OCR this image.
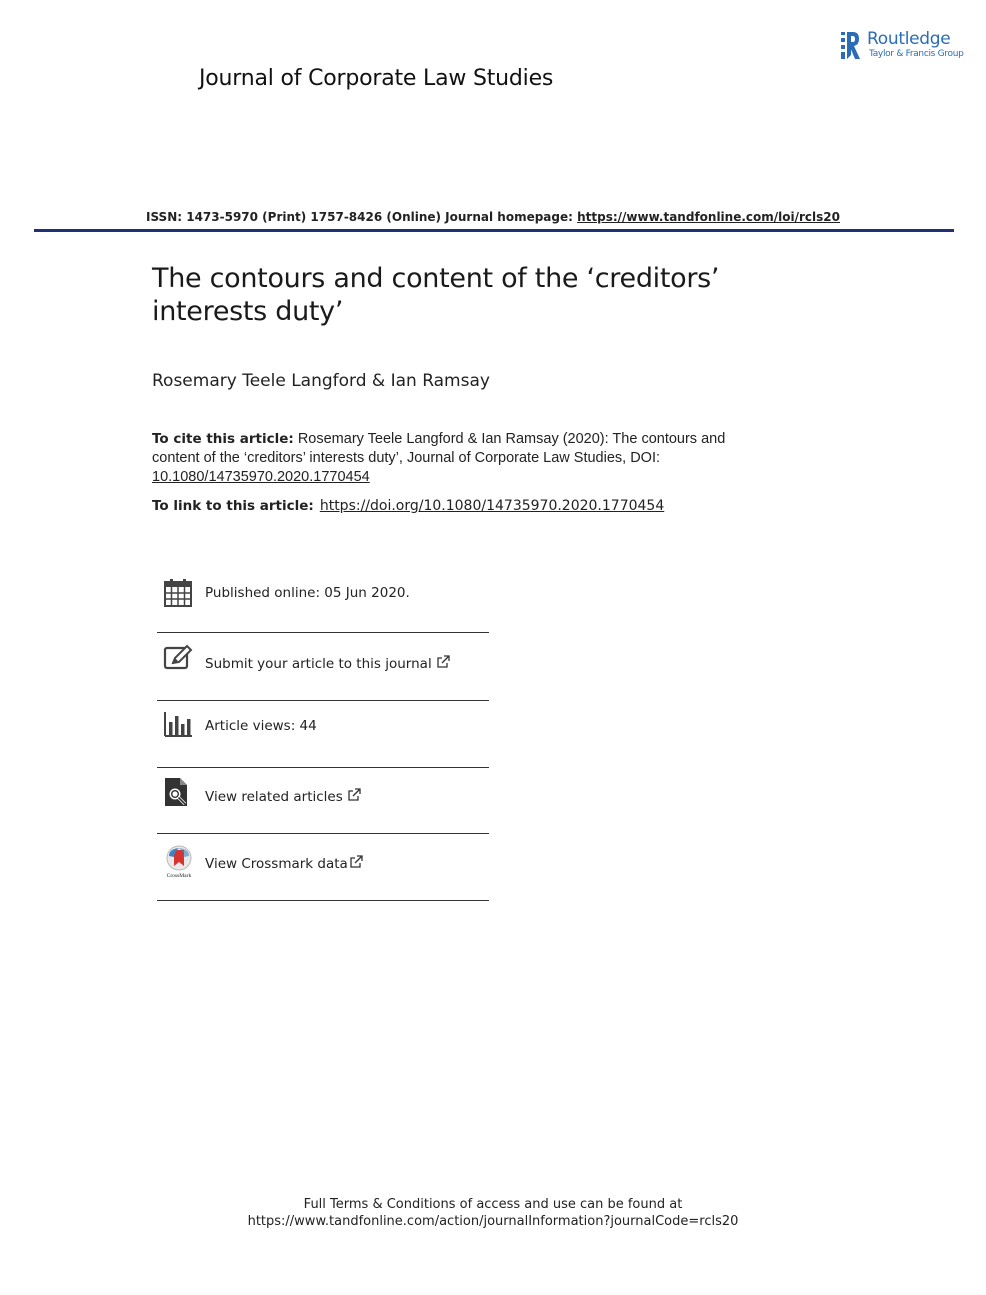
Routledge
Taylor & Francis Group
Journal of Corporate Law Studies
ISSN: 1473-5970 (Print) 1757-8426 (Online) Journal homepage: https://www.tandfonline.com/loi/rcls20
The contours and content of the ‘creditors’ interests duty’
Rosemary Teele Langford & Ian Ramsay
To cite this article: Rosemary Teele Langford & Ian Ramsay (2020): The contours and content of the ‘creditors’ interests duty’, Journal of Corporate Law Studies, DOI: 10.1080/14735970.2020.1770454
To link to this article: https://doi.org/10.1080/14735970.2020.1770454
Published online: 05 Jun 2020.
Submit your article to this journal
Article views: 44
View related articles
CrossMark
View Crossmark data
Full Terms & Conditions of access and use can be found at
https://www.tandfonline.com/action/journalInformation?journalCode=rcls20
